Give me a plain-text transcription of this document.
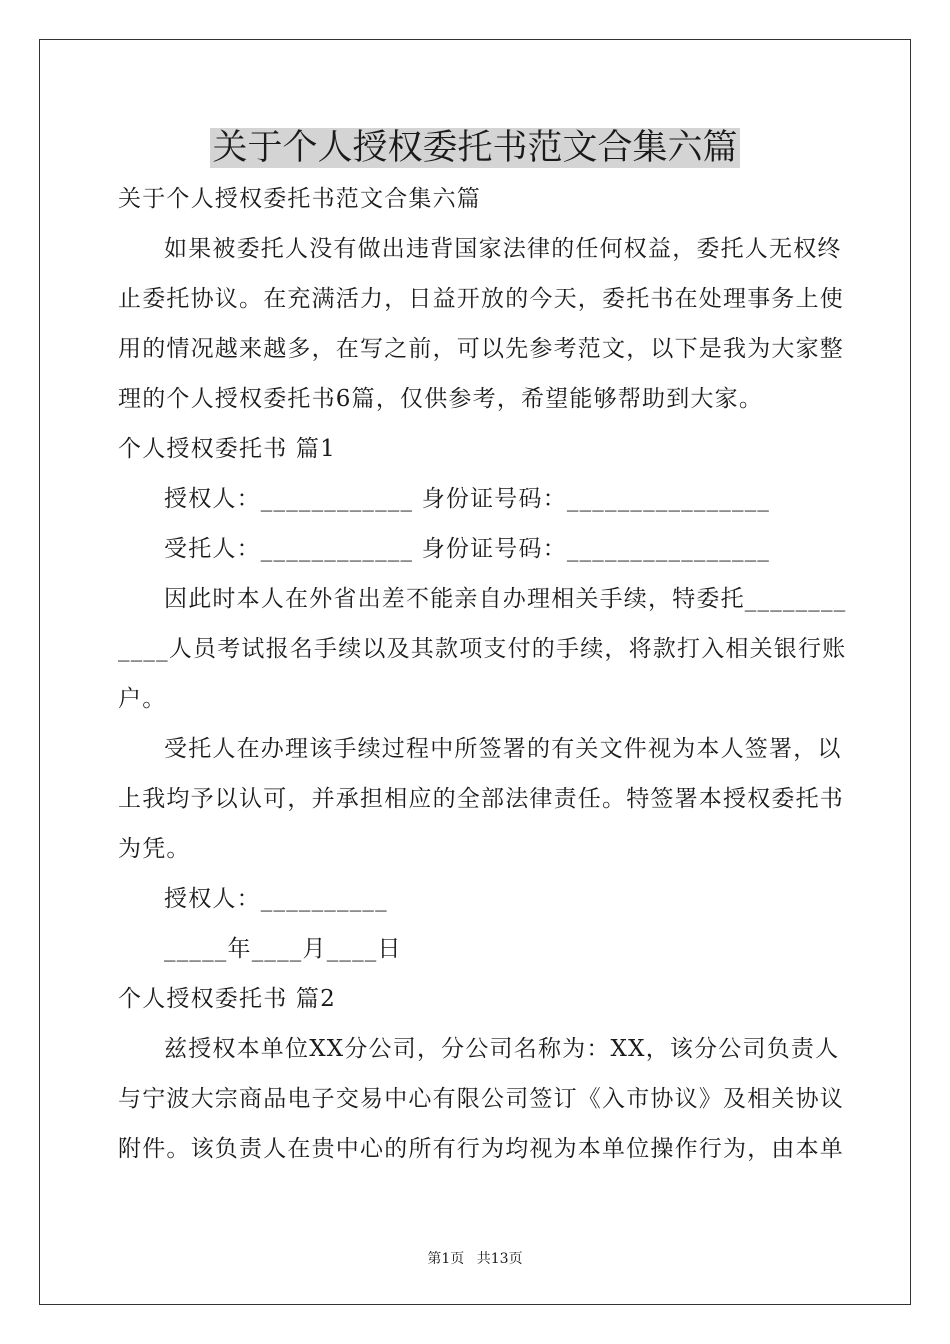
关于个人授权委托书范文合集六篇
关于个人授权委托书范文合集六篇
如果被委托人没有做出违背国家法律的任何权益，委托人无权终
止委托协议。在充满活力，日益开放的今天，委托书在处理事务上使
用的情况越来越多，在写之前，可以先参考范文，以下是我为大家整
理的个人授权委托书6篇，仅供参考，希望能够帮助到大家。
个人授权委托书 篇1
授权人：____________ 身份证号码：________________
受托人：____________ 身份证号码：________________
因此时本人在外省出差不能亲自办理相关手续，特委托________
____人员考试报名手续以及其款项支付的手续，将款打入相关银行账
户。
受托人在办理该手续过程中所签署的有关文件视为本人签署，以
上我均予以认可，并承担相应的全部法律责任。特签署本授权委托书
为凭。
授权人：__________
_____年____月____日
个人授权委托书 篇2
兹授权本单位XX分公司，分公司名称为：XX，该分公司负责人
与宁波大宗商品电子交易中心有限公司签订《入市协议》及相关协议
附件。该负责人在贵中心的所有行为均视为本单位操作行为，由本单
第1页 共13页
